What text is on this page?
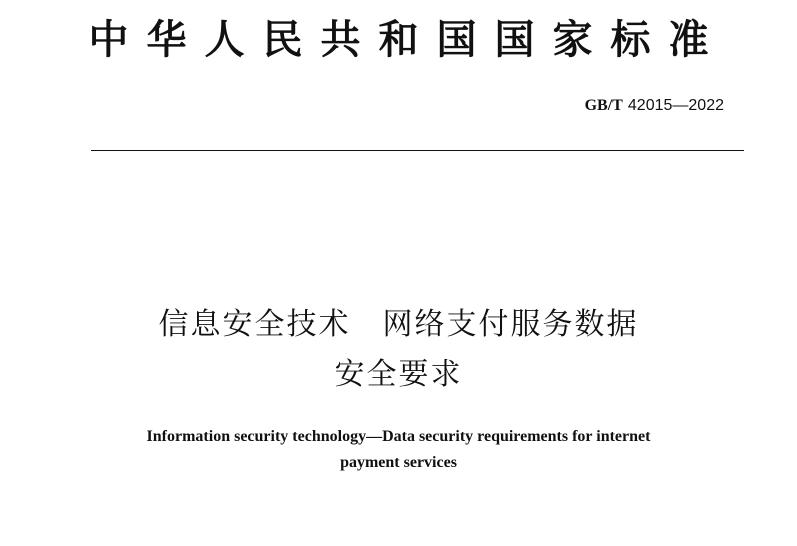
中华人民共和国国家标准
GB/T 42015—2022
信息安全技术　网络支付服务数据
安全要求
Information security technology—Data security requirements for internet
payment services
